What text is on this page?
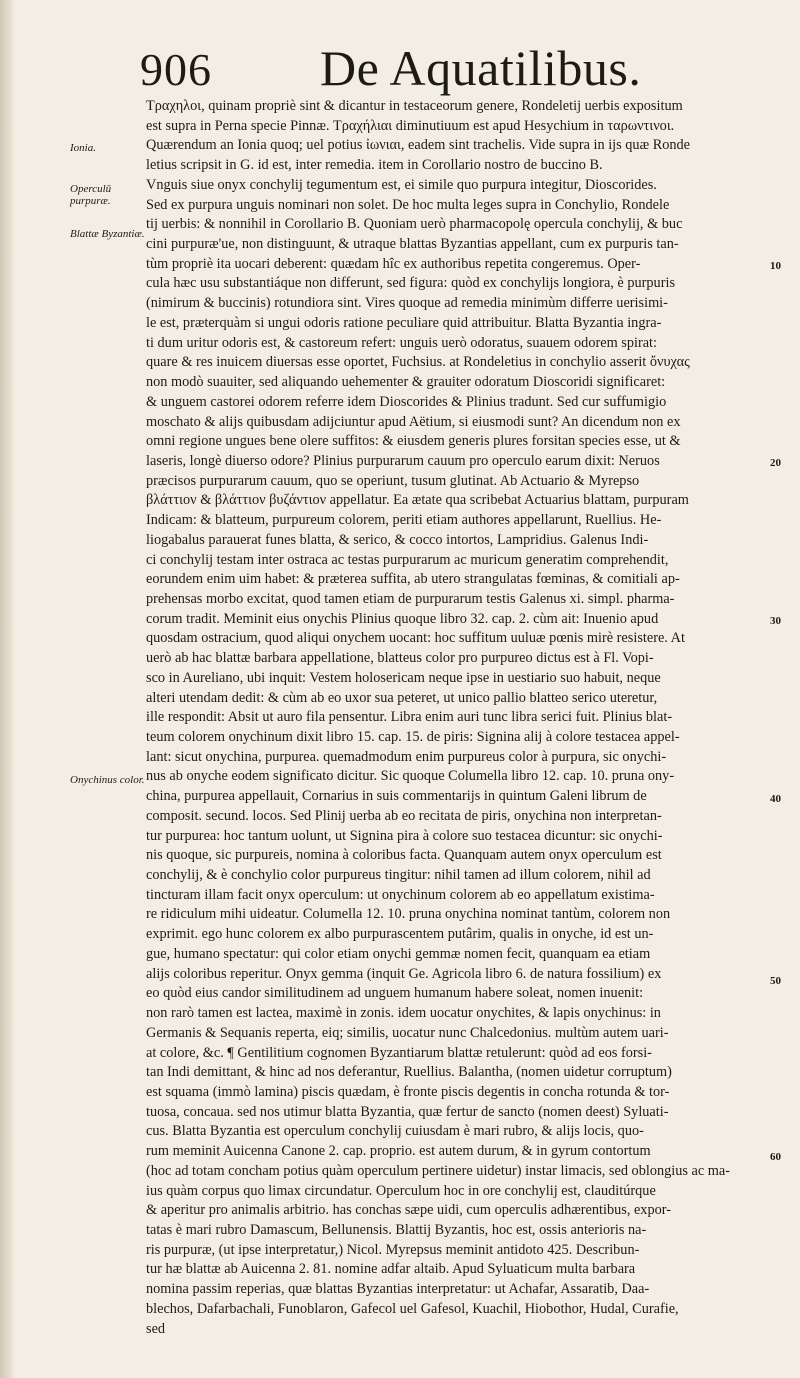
906 De Aquatilibus.
Ionia.
Operculū purpuræ.
Blattæ Byzantiæ.
Onychinus color.
10
20
30
40
50
60
Τραχηλοι, quinam propriè sint & dicantur in testaceorum genere, Rondeletij uerbis expositum
est supra in Perna specie Pinnæ. Τραχήλιαι diminutiuum est apud Hesychium in ταρωντινοι.
Quærendum an Ionia quoq; uel potius ἰωνιαι, eadem sint trachelis. Vide supra in ijs quæ Ronde
letius scripsit in G. id est, inter remedia. item in Corollario nostro de buccino B.
Vnguis siue onyx conchylij tegumentum est, ei simile quo purpura integitur, Dioscorides.
Sed ex purpura unguis nominari non solet. De hoc multa leges supra in Conchylio, Rondele
tij uerbis: & nonnihil in Corollario B. Quoniam uerò pharmacopolę opercula conchylij, & buc
cini purpuræ'ue, non distinguunt, & utraque blattas Byzantias appellant, cum ex purpuris tan-
tùm propriè ita uocari deberent: quædam hîc ex authoribus repetita congeremus. Oper-
cula hæc usu substantiáque non differunt, sed figura: quòd ex conchylijs longiora, è purpuris
(nimirum & buccinis) rotundiora sint. Vires quoque ad remedia minimùm differre uerisimi-
le est, præterquàm si ungui odoris ratione peculiare quid attribuitur. Blatta Byzantia ingra-
ti dum uritur odoris est, & castoreum refert: unguis uerò odoratus, suauem odorem spirat:
quare & res inuicem diuersas esse oportet, Fuchsius. at Rondeletius in conchylio asserit ὄνυχας
non modò suauiter, sed aliquando uehementer & grauiter odoratum Dioscoridi significaret:
& unguem castorei odorem referre idem Dioscorides & Plinius tradunt. Sed cur suffumigio
moschato & alijs quibusdam adijciuntur apud Aëtium, si eiusmodi sunt? An dicendum non ex
omni regione ungues bene olere suffitos: & eiusdem generis plures forsitan species esse, ut &
laseris, longè diuerso odore? Plinius purpurarum cauum pro operculo earum dixit: Neruos
præcisos purpurarum cauum, quo se operiunt, tusum glutinat. Ab Actuario & Myrepso
βλάττιον & βλάττιον βυζάντιον appellatur. Ea ætate qua scribebat Actuarius blattam, purpuram
Indicam: & blatteum, purpureum colorem, periti etiam authores appellarunt, Ruellius. He-
liogabalus parauerat funes blatta, & serico, & cocco intortos, Lampridius. Galenus Indi-
ci conchylij testam inter ostraca ac testas purpurarum ac muricum generatim comprehendit,
eorundem enim uim habet: & præterea suffita, ab utero strangulatas fœminas, & comitiali ap-
prehensas morbo excitat, quod tamen etiam de purpurarum testis Galenus xi. simpl. pharma-
corum tradit. Meminit eius onychis Plinius quoque libro 32. cap. 2. cùm ait: Inuenio apud
quosdam ostracium, quod aliqui onychem uocant: hoc suffitum uuluæ pœnis mirè resistere. At
uerò ab hac blattæ barbara appellatione, blatteus color pro purpureo dictus est à Fl. Vopi-
sco in Aureliano, ubi inquit: Vestem holosericam neque ipse in uestiario suo habuit, neque
alteri utendam dedit: & cùm ab eo uxor sua peteret, ut unico pallio blatteo serico uteretur,
ille respondit: Absit ut auro fila pensentur. Libra enim auri tunc libra serici fuit. Plinius blat-
teum colorem onychinum dixit libro 15. cap. 15. de piris: Signina alij à colore testacea appel-
lant: sicut onychina, purpurea. quemadmodum enim purpureus color à purpura, sic onychi-
nus ab onyche eodem significato dicitur. Sic quoque Columella libro 12. cap. 10. pruna ony-
china, purpurea appellauit, Cornarius in suis commentarijs in quintum Galeni librum de
composit. secund. locos. Sed Plinij uerba ab eo recitata de piris, onychina non interpretan-
tur purpurea: hoc tantum uolunt, ut Signina pira à colore suo testacea dicuntur: sic onychi-
nis quoque, sic purpureis, nomina à coloribus facta. Quanquam autem onyx operculum est
conchylij, & è conchylio color purpureus tingitur: nihil tamen ad illum colorem, nihil ad
tincturam illam facit onyx operculum: ut onychinum colorem ab eo appellatum existima-
re ridiculum mihi uideatur. Columella 12. 10. pruna onychina nominat tantùm, colorem non
exprimit. ego hunc colorem ex albo purpurascentem putârim, qualis in onyche, id est un-
gue, humano spectatur: qui color etiam onychi gemmæ nomen fecit, quanquam ea etiam
alijs coloribus reperitur. Onyx gemma (inquit Ge. Agricola libro 6. de natura fossilium) ex
eo quòd eius candor similitudinem ad unguem humanum habere soleat, nomen inuenit:
non rarò tamen est lactea, maximè in zonis. idem uocatur onychites, & lapis onychinus: in
Germanis & Sequanis reperta, eiq; similis, uocatur nunc Chalcedonius. multùm autem uari-
at colore, &c. ¶ Gentilitium cognomen Byzantiarum blattæ retulerunt: quòd ad eos forsi-
tan Indi demittant, & hinc ad nos deferantur, Ruellius. Balantha, (nomen uidetur corruptum)
est squama (immò lamina) piscis quædam, è fronte piscis degentis in concha rotunda & tor-
tuosa, concaua. sed nos utimur blatta Byzantia, quæ fertur de sancto (nomen deest) Syluati-
cus. Blatta Byzantia est operculum conchylij cuiusdam è mari rubro, & alijs locis, quo-
rum meminit Auicenna Canone 2. cap. proprio. est autem durum, & in gyrum contortum
(hoc ad totam concham potius quàm operculum pertinere uidetur) instar limacis, sed oblongius ac ma-
ius quàm corpus quo limax circundatur. Operculum hoc in ore conchylij est, clauditúrque
& aperitur pro animalis arbitrio. has conchas sæpe uidi, cum operculis adhærentibus, expor-
tatas è mari rubro Damascum, Bellunensis. Blattij Byzantis, hoc est, ossis anterioris na-
ris purpuræ, (ut ipse interpretatur,) Nicol. Myrepsus meminit antidoto 425. Describun-
tur hæ blattæ ab Auicenna 2. 81. nomine adfar altaib. Apud Syluaticum multa barbara
nomina passim reperias, quæ blattas Byzantias interpretatur: ut Achafar, Assaratib, Daa-
blechos, Dafarbachali, Funoblaron, Gafecol uel Gafesol, Kuachil, Hiobothor, Hudal, Curafie,
sed
